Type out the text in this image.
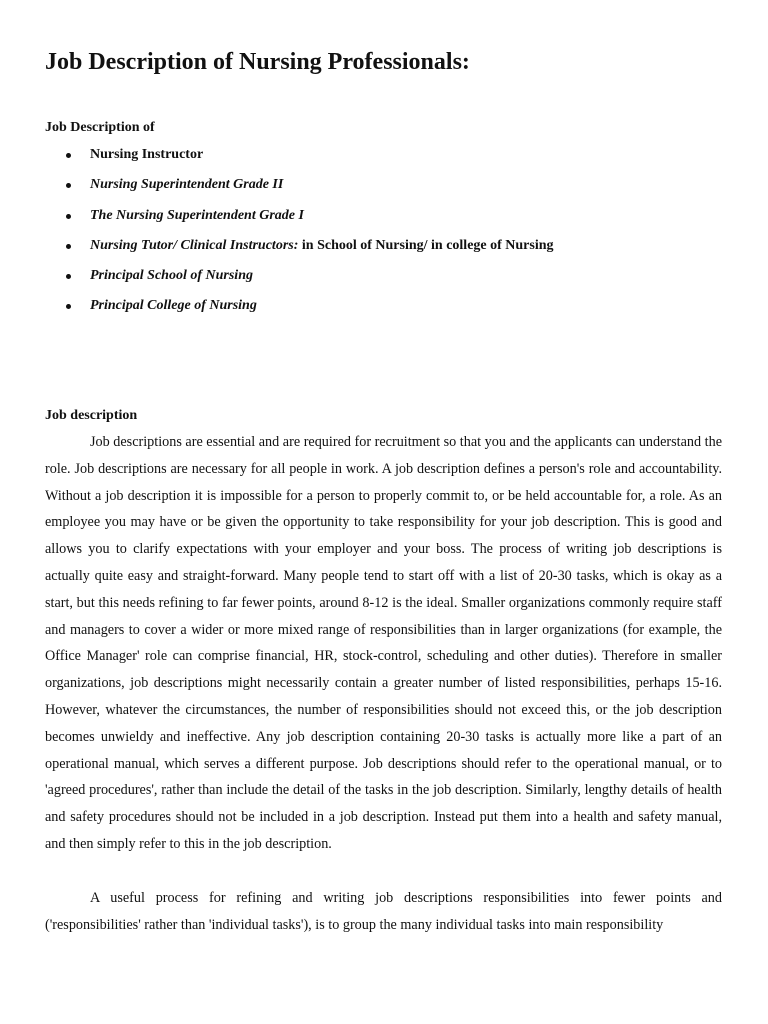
Job Description of Nursing Professionals:

Job Description of

Nursing Instructor
Nursing Superintendent Grade II
The Nursing Superintendent Grade I
Nursing Tutor/ Clinical Instructors: in School of Nursing/ in college of Nursing
Principal School of Nursing
Principal College of Nursing

Job description

Job descriptions are essential and are required for recruitment so that you and the applicants can understand the role. Job descriptions are necessary for all people in work. A job description defines a person's role and accountability. Without a job description it is impossible for a person to properly commit to, or be held accountable for, a role. As an employee you may have or be given the opportunity to take responsibility for your job description. This is good and allows you to clarify expectations with your employer and your boss. The process of writing job descriptions is actually quite easy and straight-forward. Many people tend to start off with a list of 20-30 tasks, which is okay as a start, but this needs refining to far fewer points, around 8-12 is the ideal. Smaller organizations commonly require staff and managers to cover a wider or more mixed range of responsibilities than in larger organizations (for example, the Office Manager' role can comprise financial, HR, stock-control, scheduling and other duties). Therefore in smaller organizations, job descriptions might necessarily contain a greater number of listed responsibilities, perhaps 15-16. However, whatever the circumstances, the number of responsibilities should not exceed this, or the job description becomes unwieldy and ineffective. Any job description containing 20-30 tasks is actually more like a part of an operational manual, which serves a different purpose. Job descriptions should refer to the operational manual, or to 'agreed procedures', rather than include the detail of the tasks in the job description. Similarly, lengthy details of health and safety procedures should not be included in a job description. Instead put them into a health and safety manual, and then simply refer to this in the job description.

A useful process for refining and writing job descriptions responsibilities into fewer points and ('responsibilities' rather than 'individual tasks'), is to group the many individual tasks into main responsibility
